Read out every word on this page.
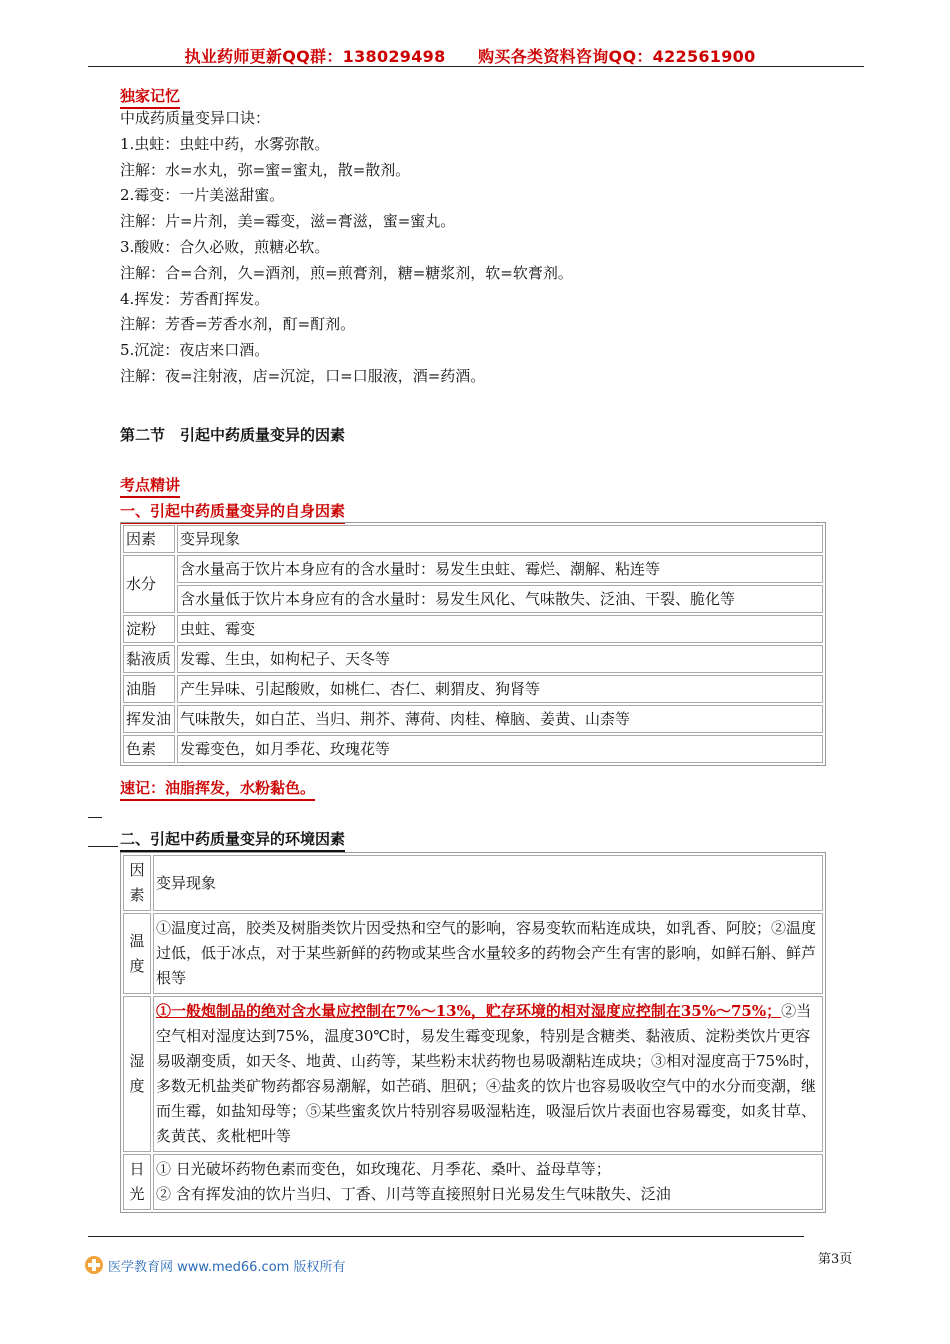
执业药师更新QQ群：138029498　　购买各类资料咨询QQ：422561900
独家记忆
中成药质量变异口诀：
1.虫蛀：虫蛀中药，水雾弥散。
注解：水=水丸，弥=蜜=蜜丸，散=散剂。
2.霉变：一片美滋甜蜜。
注解：片=片剂，美=霉变，滋=膏滋，蜜=蜜丸。
3.酸败：合久必败，煎糖必软。
注解：合=合剂，久=酒剂，煎=煎膏剂，糖=糖浆剂，软=软膏剂。
4.挥发：芳香酊挥发。
注解：芳香=芳香水剂，酊=酊剂。
5.沉淀：夜店来口酒。
注解：夜=注射液，店=沉淀，口=口服液，酒=药酒。
第二节　引起中药质量变异的因素
考点精讲
一、引起中药质量变异的自身因素
因素	变异现象
水分	含水量高于饮片本身应有的含水量时：易发生虫蛀、霉烂、潮解、粘连等
	含水量低于饮片本身应有的含水量时：易发生风化、气味散失、泛油、干裂、脆化等
淀粉	虫蛀、霉变
黏液质	发霉、生虫，如枸杞子、天冬等
油脂	产生异味、引起酸败，如桃仁、杏仁、刺猬皮、狗肾等
挥发油	气味散失，如白芷、当归、荆芥、薄荷、肉桂、樟脑、姜黄、山柰等
色素	发霉变色，如月季花、玫瑰花等
速记：油脂挥发，水粉黏色。
二、引起中药质量变异的环境因素
因素	变异现象
温度	①温度过高，胶类及树脂类饮片因受热和空气的影响，容易变软而粘连成块，如乳香、阿胶；②温度过低，低于冰点，对于某些新鲜的药物或某些含水量较多的药物会产生有害的影响，如鲜石斛、鲜芦根等
湿度	①一般炮制品的绝对含水量应控制在7%～13%，贮存环境的相对湿度应控制在35%～75%；②当空气相对湿度达到75%，温度30℃时，易发生霉变现象，特别是含糖类、黏液质、淀粉类饮片更容易吸潮变质，如天冬、地黄、山药等，某些粉末状药物也易吸潮粘连成块；③相对湿度高于75%时，多数无机盐类矿物药都容易潮解，如芒硝、胆矾；④盐炙的饮片也容易吸收空气中的水分而变潮，继而生霉，如盐知母等；⑤某些蜜炙饮片特别容易吸湿粘连，吸湿后饮片表面也容易霉变，如炙甘草、炙黄芪、炙枇杷叶等
日光	① 日光破坏药物色素而变色，如玫瑰花、月季花、桑叶、益母草等；
② 含有挥发油的饮片当归、丁香、川芎等直接照射日光易发生气味散失、泛油
医学教育网 www.med66.com 版权所有
第3页
